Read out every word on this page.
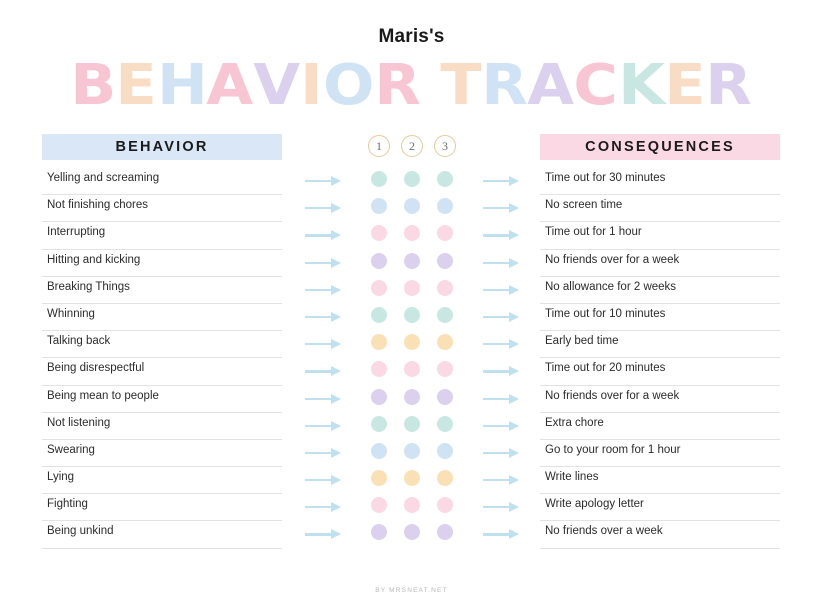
Maris's
BEHAVIOR TRACKER
BEHAVIOR	1	2	3	CONSEQUENCES
Yelling and screaming	Time out for 30 minutes
Not finishing chores	No screen time
Interrupting	Time out for 1 hour
Hitting and kicking	No friends over for a week
Breaking Things	No allowance for 2 weeks
Whinning	Time out for 10 minutes
Talking back	Early bed time
Being disrespectful	Time out for 20 minutes
Being mean to people	No friends over for a week
Not listening	Extra chore
Swearing	Go to your room for 1 hour
Lying	Write lines
Fighting	Write apology letter
Being unkind	No friends over a week
BY MRSNEAT.NET
